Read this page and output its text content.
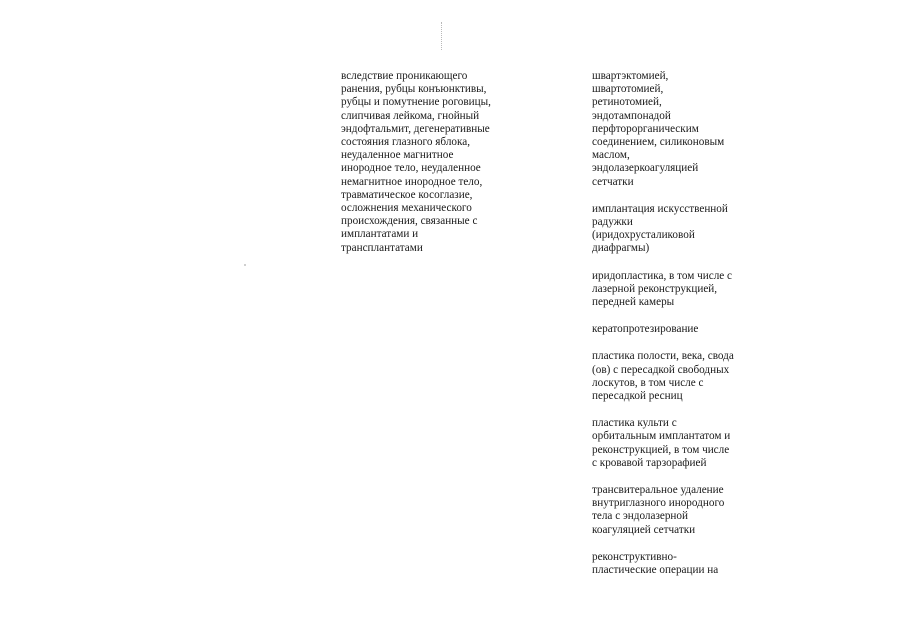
вследствие проникающего
ранения, рубцы конъюнктивы,
рубцы и помутнение роговицы,
слипчивая лейкома, гнойный
эндофтальмит, дегенеративные
состояния глазного яблока,
неудаленное магнитное
инородное тело, неудаленное
немагнитное инородное тело,
травматическое косоглазие,
осложнения механического
происхождения, связанные с
имплантатами и
трансплантатами
швартэктомией,
швартотомией,
ретинотомией,
эндотампонадой
перфторорганическим
соединением, силиконовым
маслом,
эндолазеркоагуляцией
сетчатки
имплантация искусственной
радужки
(иридохрусталиковой
диафрагмы)
иридопластика, в том числе с
лазерной реконструкцией,
передней камеры
кератопротезирование
пластика полости, века, свода
(ов) с пересадкой свободных
лоскутов, в том числе с
пересадкой ресниц
пластика культи с
орбитальным имплантатом и
реконструкцией, в том числе
с кровавой тарзорафией
трансвитеральное удаление
внутриглазного инородного
тела с эндолазерной
коагуляцией сетчатки
реконструктивно-
пластические операции на
